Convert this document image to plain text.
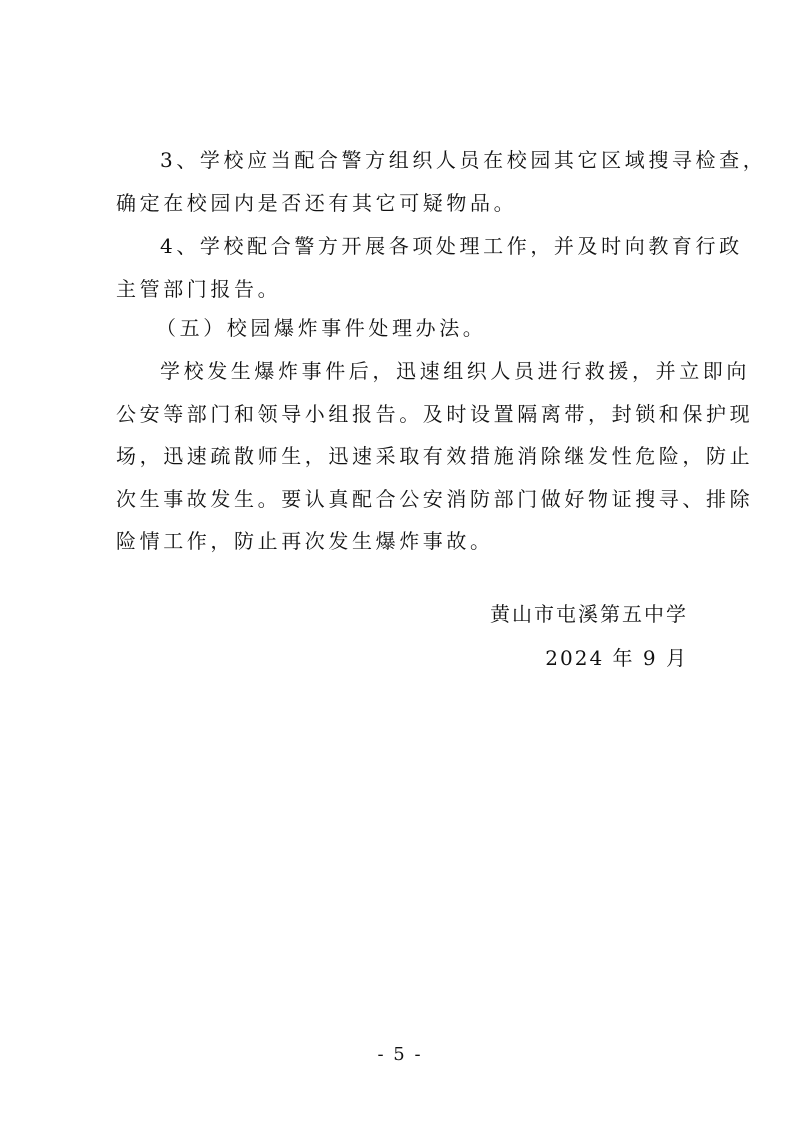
3、学校应当配合警方组织人员在校园其它区域搜寻检查，
确定在校园内是否还有其它可疑物品。
4、学校配合警方开展各项处理工作，并及时向教育行政
主管部门报告。
（五）校园爆炸事件处理办法。
学校发生爆炸事件后，迅速组织人员进行救援，并立即向
公安等部门和领导小组报告。及时设置隔离带，封锁和保护现
场，迅速疏散师生，迅速采取有效措施消除继发性危险，防止
次生事故发生。要认真配合公安消防部门做好物证搜寻、排除
险情工作，防止再次发生爆炸事故。
黄山市屯溪第五中学
2024 年 9 月
- 5 -
